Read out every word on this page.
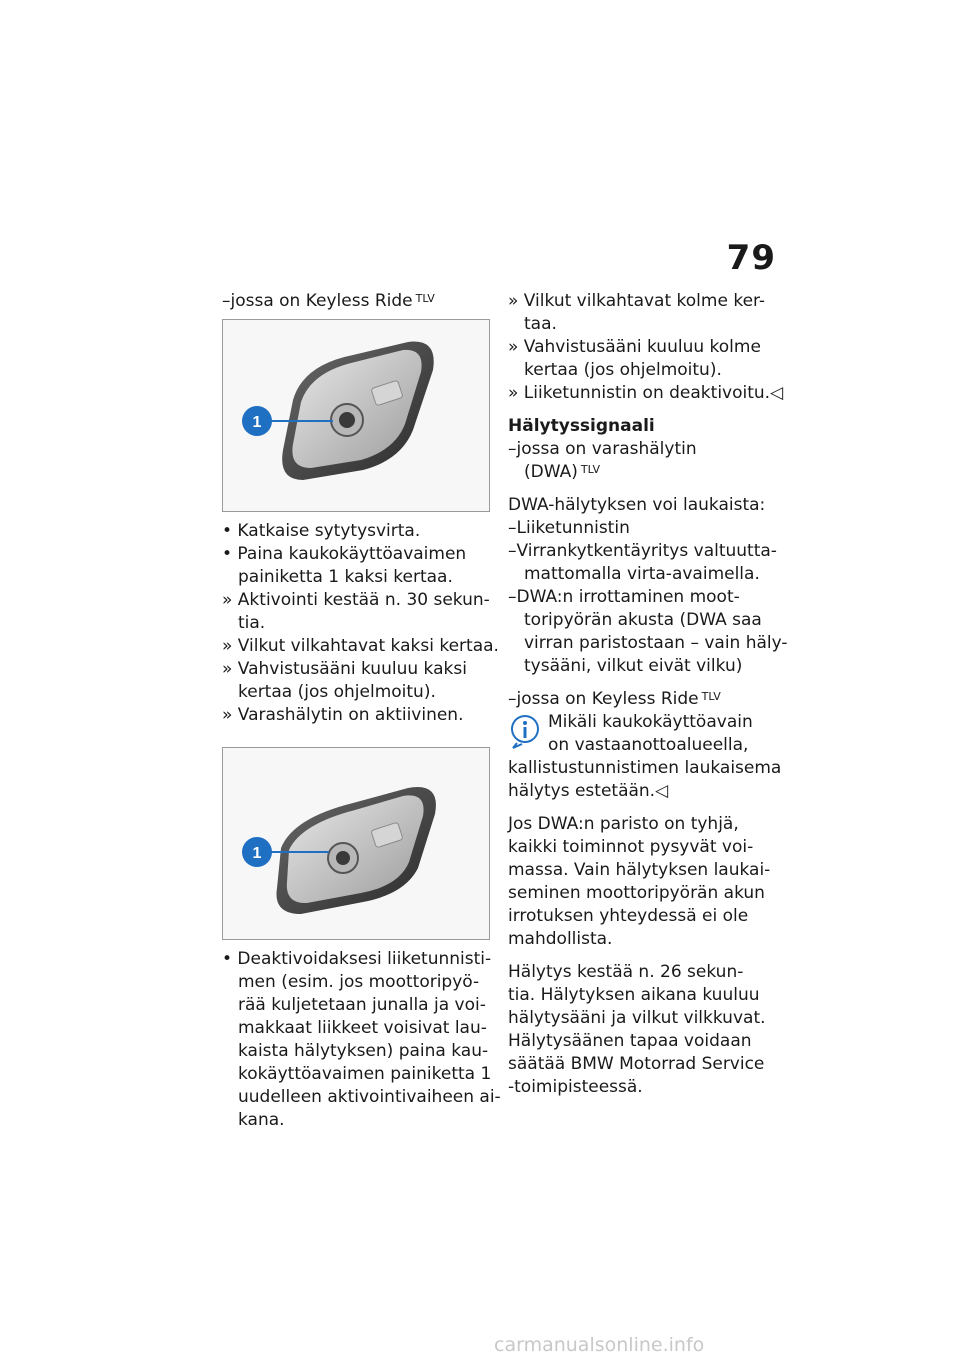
79
–jossa on Keyless Ride $^{TLV}$
1
• Katkaise sytytysvirta.
• Paina kaukokäyttöavaimen
painiketta 1 kaksi kertaa.
» Aktivointi kestää n. 30 sekun-
tia.
» Vilkut vilkahtavat kaksi kertaa.
» Vahvistusääni kuuluu kaksi
kertaa (jos ohjelmoitu).
» Varashälytin on aktiivinen.
1
• Deaktivoidaksesi liiketunnisti-
men (esim. jos moottoripyö-
rää kuljetetaan junalla ja voi-
makkaat liikkeet voisivat lau-
kaista hälytyksen) paina kau-
kokäyttöavaimen painiketta 1
uudelleen aktivointivaiheen ai-
kana.
» Vilkut vilkahtavat kolme ker-
taa.
» Vahvistusääni kuuluu kolme
kertaa (jos ohjelmoitu).
» Liiketunnistin on deaktivoitu.◁
Hälytyssignaali
–jossa on varashälytin
(DWA) $^{TLV}$
DWA-hälytyksen voi laukaista:
–Liiketunnistin
–Virrankytkentäyritys valtuutta-
mattomalla virta-avaimella.
–DWA:n irrottaminen moot-
toripyörän akusta (DWA saa
virran paristostaan – vain häly-
tysääni, vilkut eivät vilku)
–jossa on Keyless Ride $^{TLV}$
Mikäli kaukokäyttöavain
on vastaanottoalueella,
kallistustunnistimen laukaisema
hälytys estetään.◁
Jos DWA:n paristo on tyhjä,
kaikki toiminnot pysyvät voi-
massa. Vain hälytyksen laukai-
seminen moottoripyörän akun
irrotuksen yhteydessä ei ole
mahdollista.
Hälytys kestää n. 26 sekun-
tia. Hälytyksen aikana kuuluu
hälytysääni ja vilkut vilkkuvat.
Hälytysäänen tapaa voidaan
säätää BMW Motorrad Service
-toimipisteessä.
carmanualsonline.info
